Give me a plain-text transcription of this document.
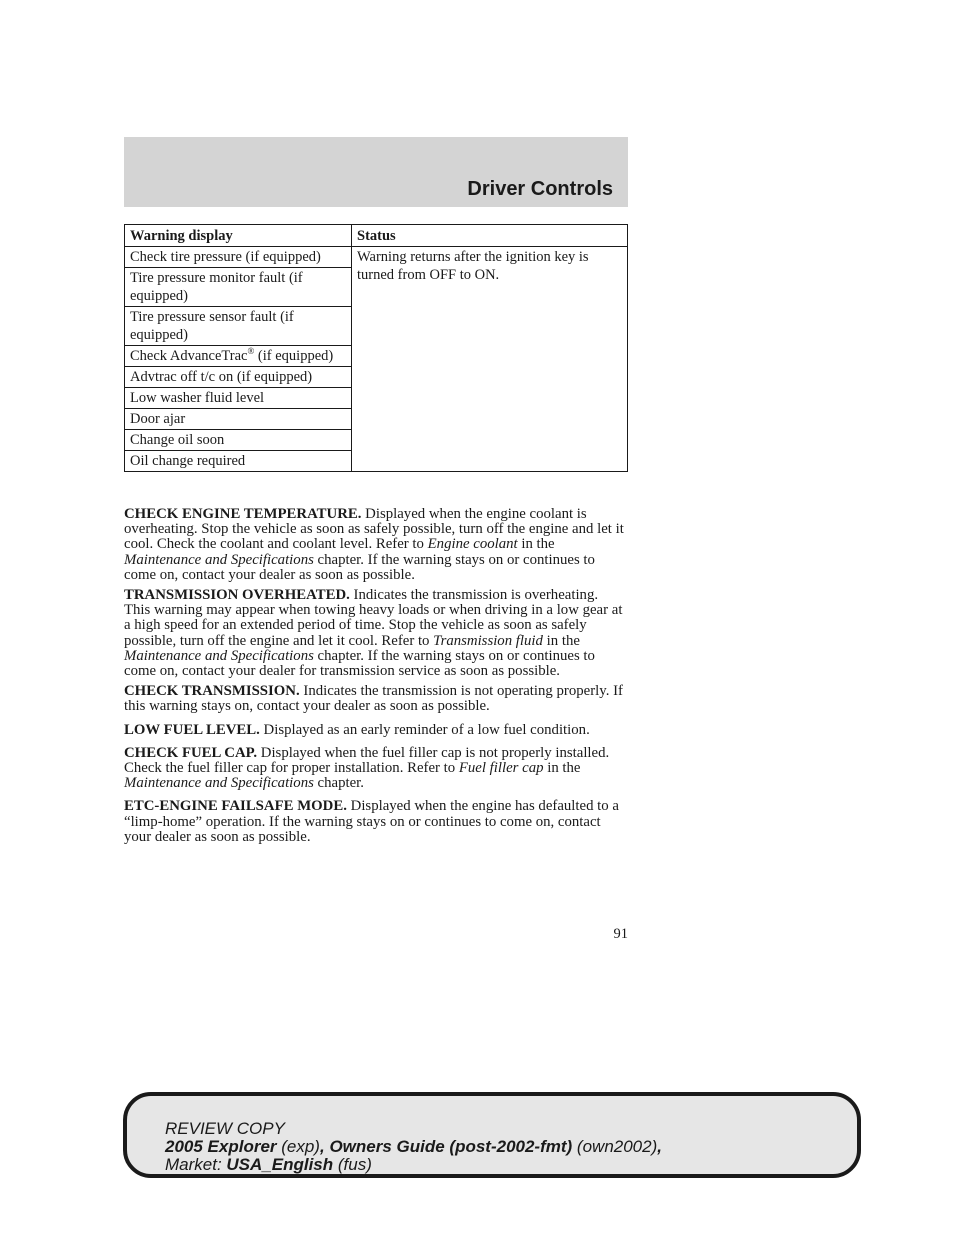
Driver Controls
Warning display	Status
Check tire pressure (if equipped)	Warning returns after the ignition key is turned from OFF to ON.
Tire pressure monitor fault (if equipped)	
Tire pressure sensor fault (if equipped)	
Check AdvanceTrac® (if equipped)	
Advtrac off t/c on (if equipped)	
Low washer fluid level	
Door ajar	
Change oil soon	
Oil change required	

CHECK ENGINE TEMPERATURE. Displayed when the engine coolant is overheating. Stop the vehicle as soon as safely possible, turn off the engine and let it cool. Check the coolant and coolant level. Refer to Engine coolant in the Maintenance and Specifications chapter. If the warning stays on or continues to come on, contact your dealer as soon as possible.

TRANSMISSION OVERHEATED. Indicates the transmission is overheating. This warning may appear when towing heavy loads or when driving in a low gear at a high speed for an extended period of time. Stop the vehicle as soon as safely possible, turn off the engine and let it cool. Refer to Transmission fluid in the Maintenance and Specifications chapter. If the warning stays on or continues to come on, contact your dealer for transmission service as soon as possible.

CHECK TRANSMISSION. Indicates the transmission is not operating properly. If this warning stays on, contact your dealer as soon as possible.

LOW FUEL LEVEL. Displayed as an early reminder of a low fuel condition.

CHECK FUEL CAP. Displayed when the fuel filler cap is not properly installed. Check the fuel filler cap for proper installation. Refer to Fuel filler cap in the Maintenance and Specifications chapter.

ETC-ENGINE FAILSAFE MODE. Displayed when the engine has defaulted to a “limp-home” operation. If the warning stays on or continues to come on, contact your dealer as soon as possible.

91
REVIEW COPY
2005 Explorer (exp), Owners Guide (post-2002-fmt) (own2002),
Market: USA_English (fus)
